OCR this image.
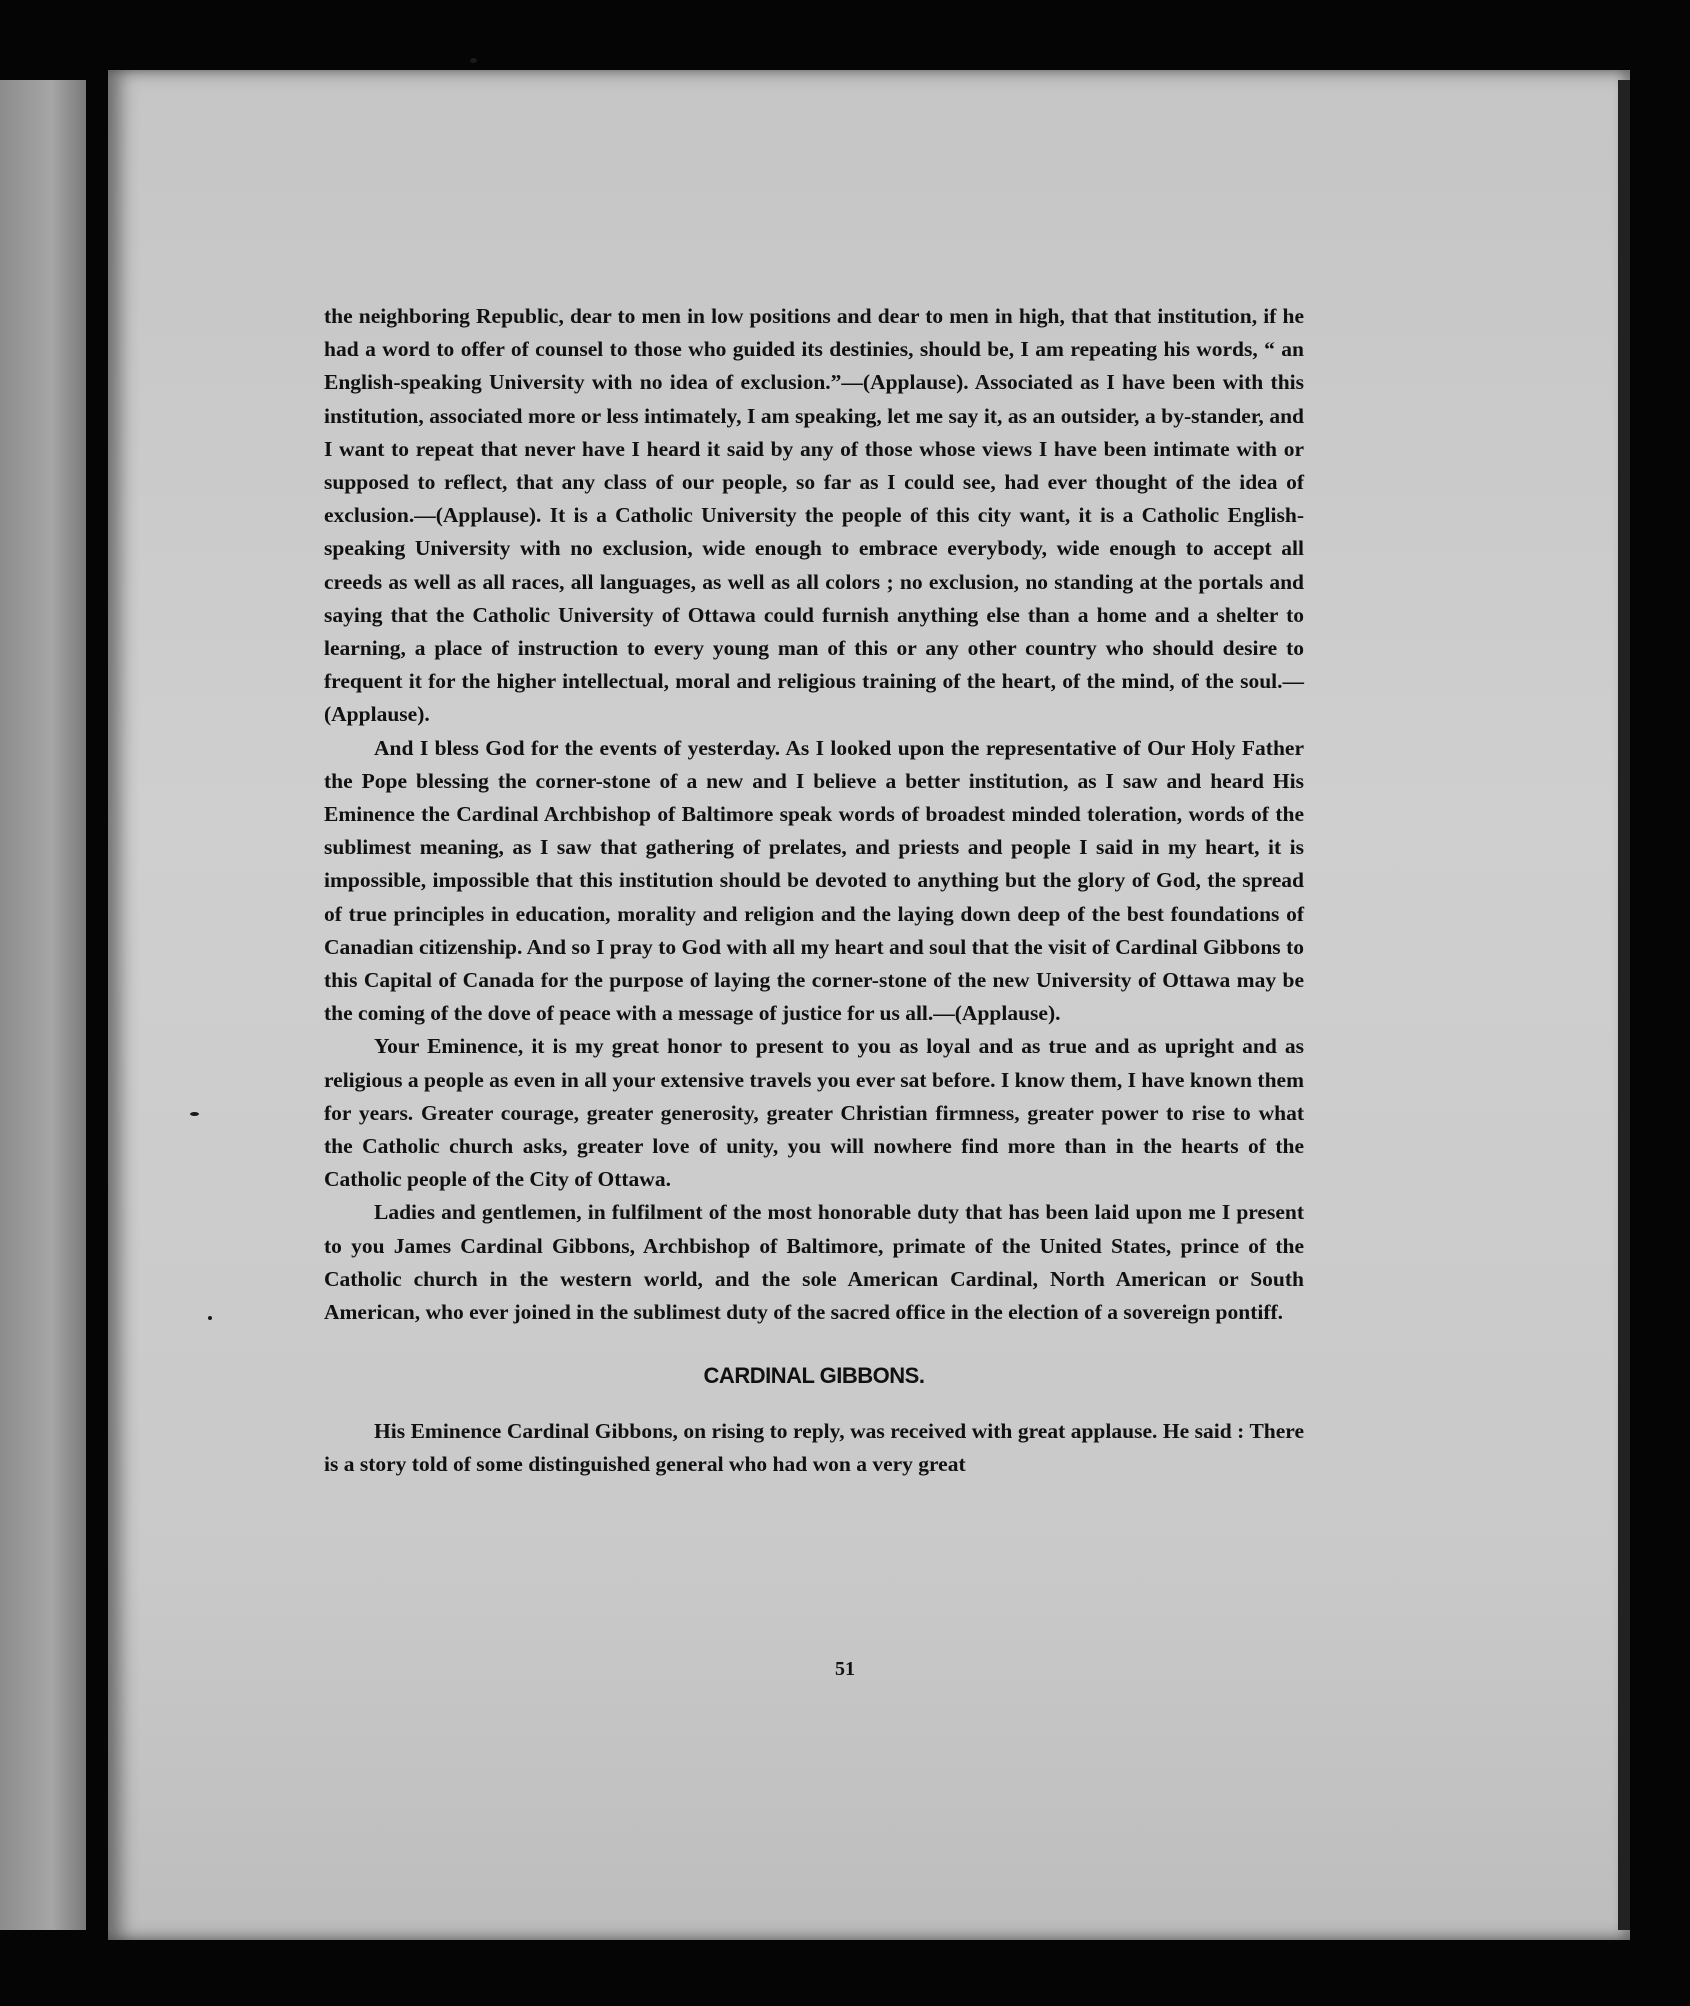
the neighboring Republic, dear to men in low positions and dear to men in high, that that institution, if he had a word to offer of counsel to those who guided its destinies, should be, I am repeating his words, “ an English-speaking University with no idea of exclusion.”—(Applause). Associated as I have been with this institution, associated more or less intimately, I am speaking, let me say it, as an outsider, a by-stander, and I want to repeat that never have I heard it said by any of those whose views I have been intimate with or supposed to reflect, that any class of our people, so far as I could see, had ever thought of the idea of exclusion.—(Applause). It is a Catholic University the people of this city want, it is a Catholic English-speaking University with no exclusion, wide enough to embrace everybody, wide enough to accept all creeds as well as all races, all languages, as well as all colors ; no exclusion, no standing at the portals and saying that the Catholic University of Ottawa could furnish anything else than a home and a shelter to learning, a place of instruction to every young man of this or any other country who should desire to frequent it for the higher intellectual, moral and religious training of the heart, of the mind, of the soul.—(Applause).

And I bless God for the events of yesterday. As I looked upon the representative of Our Holy Father the Pope blessing the corner-stone of a new and I believe a better institution, as I saw and heard His Eminence the Cardinal Archbishop of Baltimore speak words of broadest minded toleration, words of the sublimest meaning, as I saw that gathering of prelates, and priests and people I said in my heart, it is impossible, impossible that this institution should be devoted to anything but the glory of God, the spread of true principles in education, morality and religion and the laying down deep of the best foundations of Canadian citizenship. And so I pray to God with all my heart and soul that the visit of Cardinal Gibbons to this Capital of Canada for the purpose of laying the corner-stone of the new University of Ottawa may be the coming of the dove of peace with a message of justice for us all.—(Applause).

Your Eminence, it is my great honor to present to you as loyal and as true and as upright and as religious a people as even in all your extensive travels you ever sat before. I know them, I have known them for years. Greater courage, greater generosity, greater Christian firmness, greater power to rise to what the Catholic church asks, greater love of unity, you will nowhere find more than in the hearts of the Catholic people of the City of Ottawa.

Ladies and gentlemen, in fulfilment of the most honorable duty that has been laid upon me I present to you James Cardinal Gibbons, Archbishop of Baltimore, primate of the United States, prince of the Catholic church in the western world, and the sole American Cardinal, North American or South American, who ever joined in the sublimest duty of the sacred office in the election of a sovereign pontiff.

CARDINAL GIBBONS.

His Eminence Cardinal Gibbons, on rising to reply, was received with great applause. He said : There is a story told of some distinguished general who had won a very great

51
